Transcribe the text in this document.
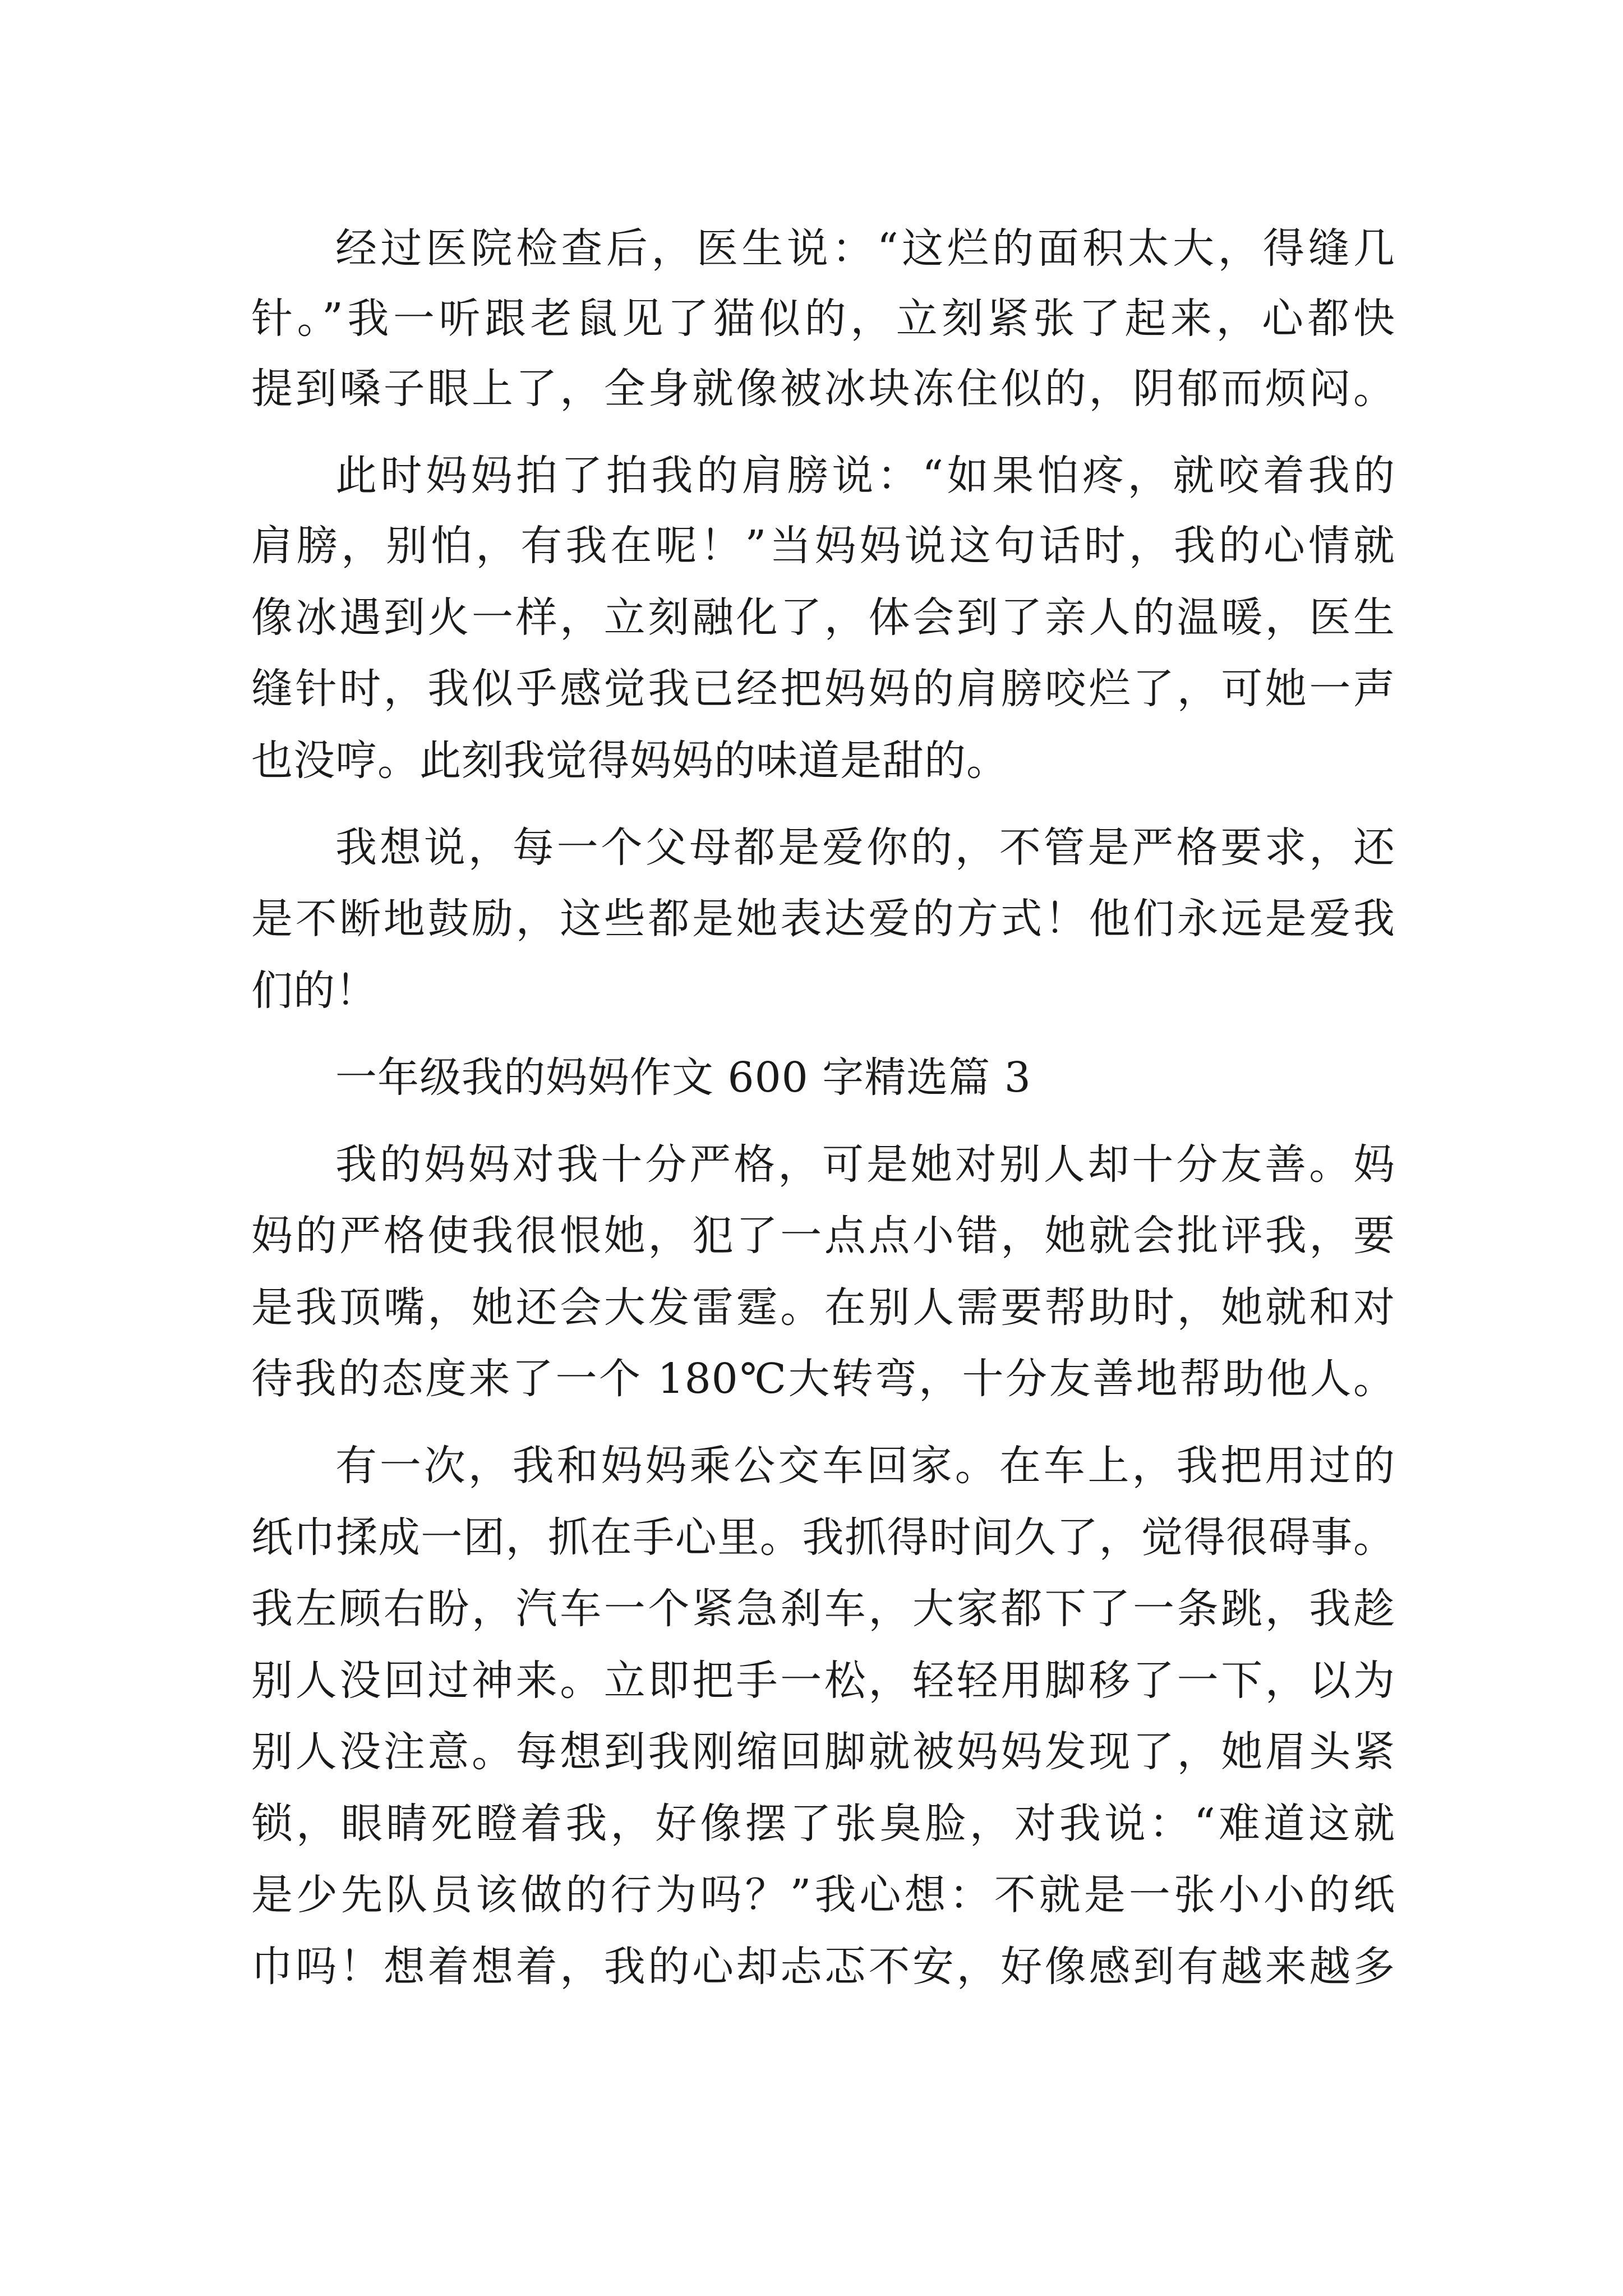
经过医院检查后，医生说：“这烂的面积太大，得缝几
针。”我一听跟老鼠见了猫似的，立刻紧张了起来，心都快
提到嗓子眼上了，全身就像被冰块冻住似的，阴郁而烦闷。
此时妈妈拍了拍我的肩膀说：“如果怕疼，就咬着我的
肩膀，别怕，有我在呢！”当妈妈说这句话时，我的心情就
像冰遇到火一样，立刻融化了，体会到了亲人的温暖，医生
缝针时，我似乎感觉我已经把妈妈的肩膀咬烂了，可她一声
也没哼。此刻我觉得妈妈的味道是甜的。
我想说，每一个父母都是爱你的，不管是严格要求，还
是不断地鼓励，这些都是她表达爱的方式！他们永远是爱我
们的！
一年级我的妈妈作文 600 字精选篇 3
我的妈妈对我十分严格，可是她对别人却十分友善。妈
妈的严格使我很恨她，犯了一点点小错，她就会批评我，要
是我顶嘴，她还会大发雷霆。在别人需要帮助时，她就和对
待我的态度来了一个 180℃大转弯，十分友善地帮助他人。
有一次，我和妈妈乘公交车回家。在车上，我把用过的
纸巾揉成一团，抓在手心里。我抓得时间久了，觉得很碍事。
我左顾右盼，汽车一个紧急刹车，大家都下了一条跳，我趁
别人没回过神来。立即把手一松，轻轻用脚移了一下，以为
别人没注意。每想到我刚缩回脚就被妈妈发现了，她眉头紧
锁，眼睛死瞪着我，好像摆了张臭脸，对我说：“难道这就
是少先队员该做的行为吗？”我心想：不就是一张小小的纸
巾吗！想着想着，我的心却忐忑不安，好像感到有越来越多
